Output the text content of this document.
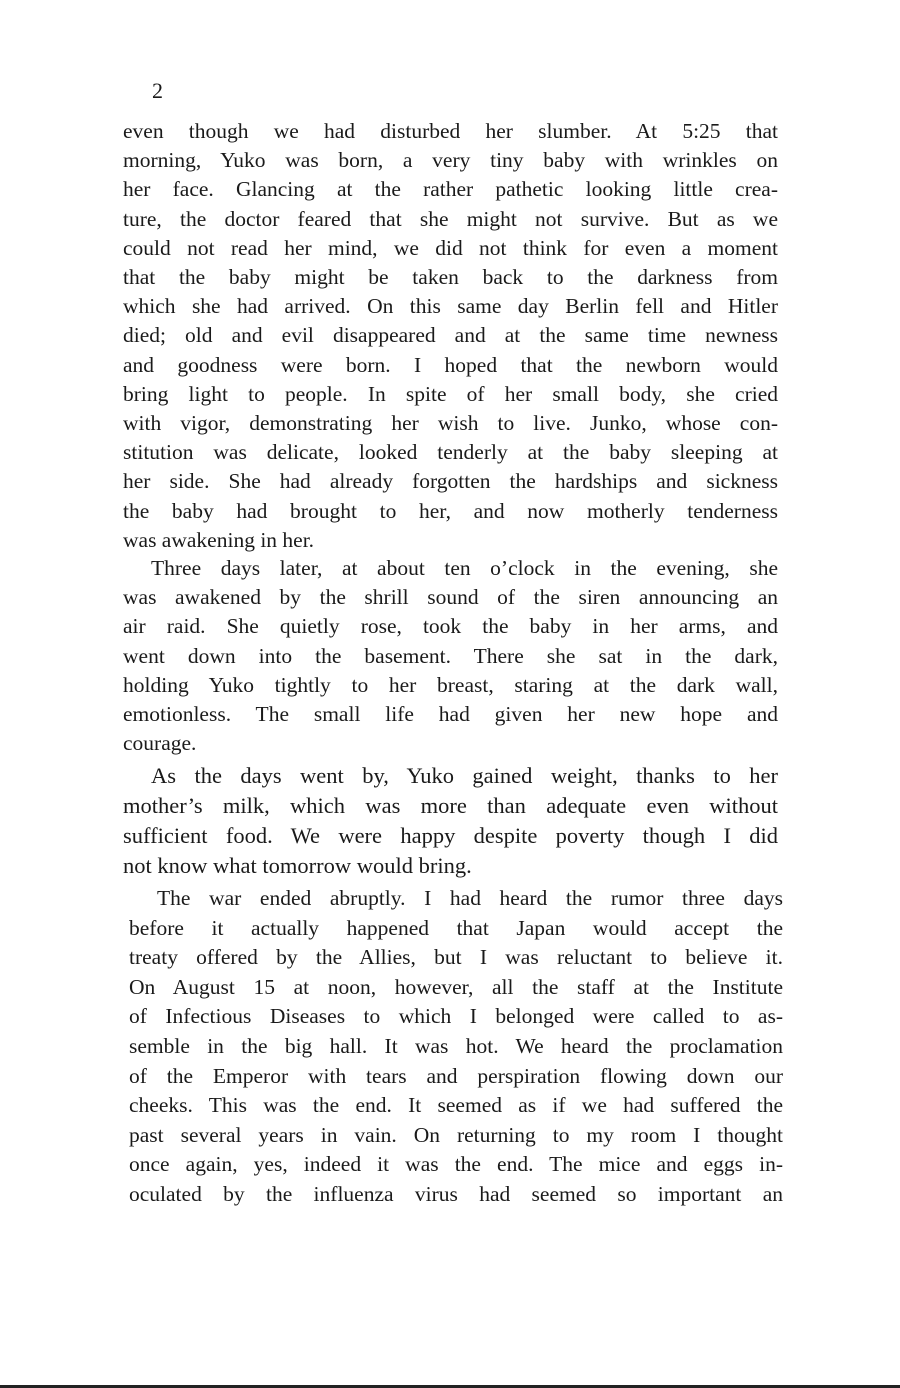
2
even though we had disturbed her slumber. At 5:25 that
morning, Yuko was born, a very tiny baby with wrinkles on
her face. Glancing at the rather pathetic looking little crea-
ture, the doctor feared that she might not survive. But as we
could not read her mind, we did not think for even a moment
that the baby might be taken back to the darkness from
which she had arrived. On this same day Berlin fell and Hitler
died; old and evil disappeared and at the same time newness
and goodness were born. I hoped that the newborn would
bring light to people. In spite of her small body, she cried
with vigor, demonstrating her wish to live. Junko, whose con-
stitution was delicate, looked tenderly at the baby sleeping at
her side. She had already forgotten the hardships and sickness
the baby had brought to her, and now motherly tenderness
was awakening in her.
Three days later, at about ten o’clock in the evening, she
was awakened by the shrill sound of the siren announcing an
air raid. She quietly rose, took the baby in her arms, and
went down into the basement. There she sat in the dark,
holding Yuko tightly to her breast, staring at the dark wall,
emotionless. The small life had given her new hope and
courage.
As the days went by, Yuko gained weight, thanks to her
mother’s milk, which was more than adequate even without
sufficient food. We were happy despite poverty though I did
not know what tomorrow would bring.
The war ended abruptly. I had heard the rumor three days
before it actually happened that Japan would accept the
treaty offered by the Allies, but I was reluctant to believe it.
On August 15 at noon, however, all the staff at the Institute
of Infectious Diseases to which I belonged were called to as-
semble in the big hall. It was hot. We heard the proclamation
of the Emperor with tears and perspiration flowing down our
cheeks. This was the end. It seemed as if we had suffered the
past several years in vain. On returning to my room I thought
once again, yes, indeed it was the end. The mice and eggs in-
oculated by the influenza virus had seemed so important an
